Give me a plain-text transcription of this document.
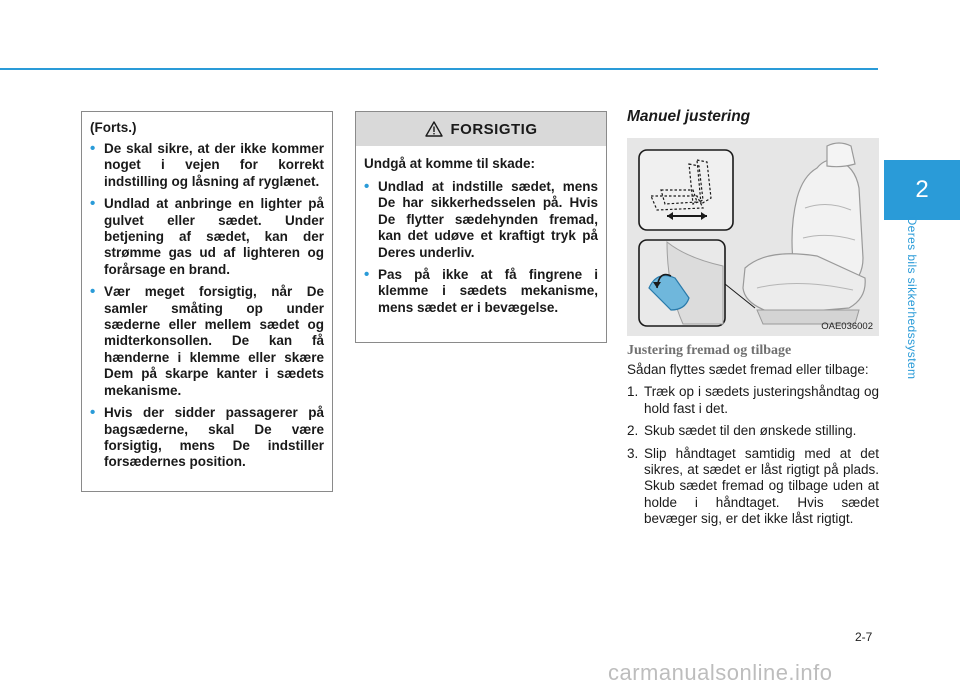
2
Deres bils sikkerhedssystem
(Forts.)
• De skal sikre, at der ikke kommer noget i vejen for korrekt indstilling og låsning af ryglænet.
• Undlad at anbringe en lighter på gulvet eller sædet. Under betjening af sædet, kan der strømme gas ud af lighteren og forårsage en brand.
• Vær meget forsigtig, når De samler småting op under sæderne eller mellem sædet og midterkonsollen. De kan få hænderne i klemme eller skære Dem på skarpe kanter i sædets mekanisme.
• Hvis der sidder passagerer på bagsæderne, skal De være forsigtig, mens De indstiller forsædernes position.
FORSIGTIG
Undgå at komme til skade:
• Undlad at indstille sædet, mens De har sikkerhedsselen på. Hvis De flytter sædehynden fremad, kan det udøve et kraftigt tryk på Deres underliv.
• Pas på ikke at få fingrene i klemme i sædets mekanisme, mens sædet er i bevægelse.
Manuel justering
OAE036002
Justering fremad og tilbage

Sådan flyttes sædet fremad eller tilbage:

1. Træk op i sædets justeringshåndtag og hold fast i det.
2. Skub sædet til den ønskede stilling.
3. Slip håndtaget samtidig med at det sikres, at sædet er låst rigtigt på plads. Skub sædet fremad og tilbage uden at holde i håndtaget. Hvis sædet bevæger sig, er det ikke låst rigtigt.
2-7
carmanualsonline.info
